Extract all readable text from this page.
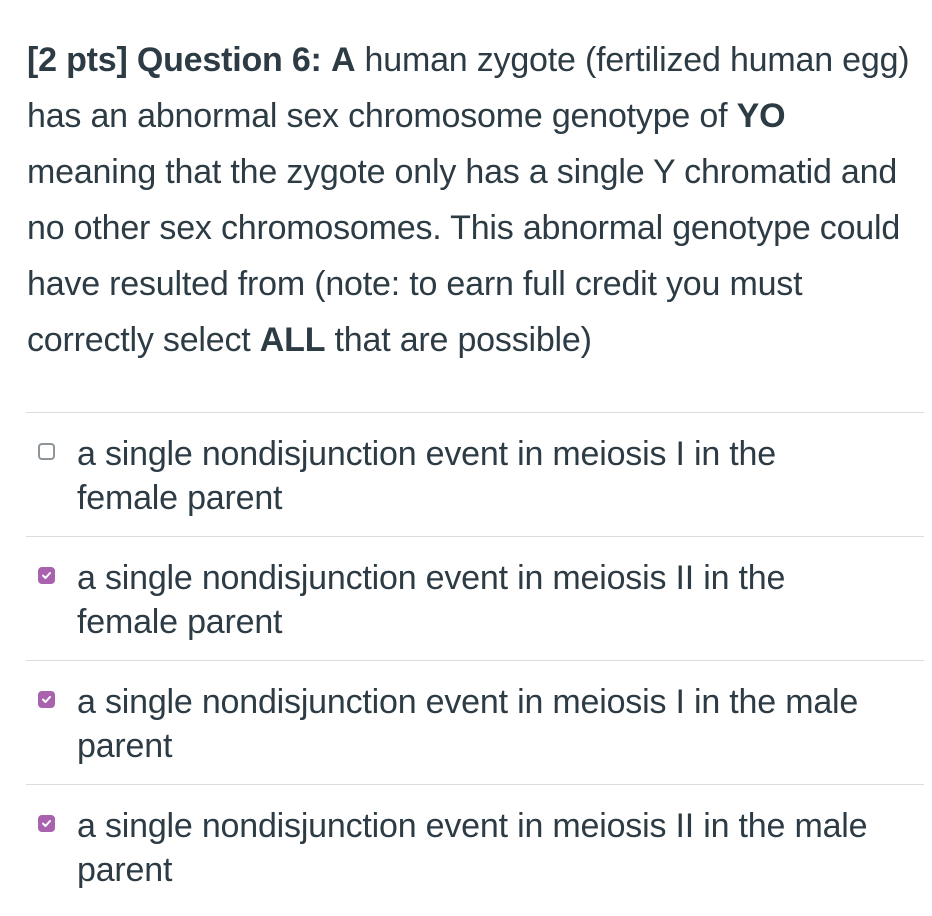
[2 pts] Question 6: A human zygote (fertilized human egg) has an abnormal sex chromosome genotype of YO meaning that the zygote only has a single Y chromatid and no other sex chromosomes. This abnormal genotype could have resulted from (note: to earn full credit you must correctly select ALL that are possible)
a single nondisjunction event in meiosis I in the female parent
a single nondisjunction event in meiosis II in the female parent
a single nondisjunction event in meiosis I in the male parent
a single nondisjunction event in meiosis II in the male parent
